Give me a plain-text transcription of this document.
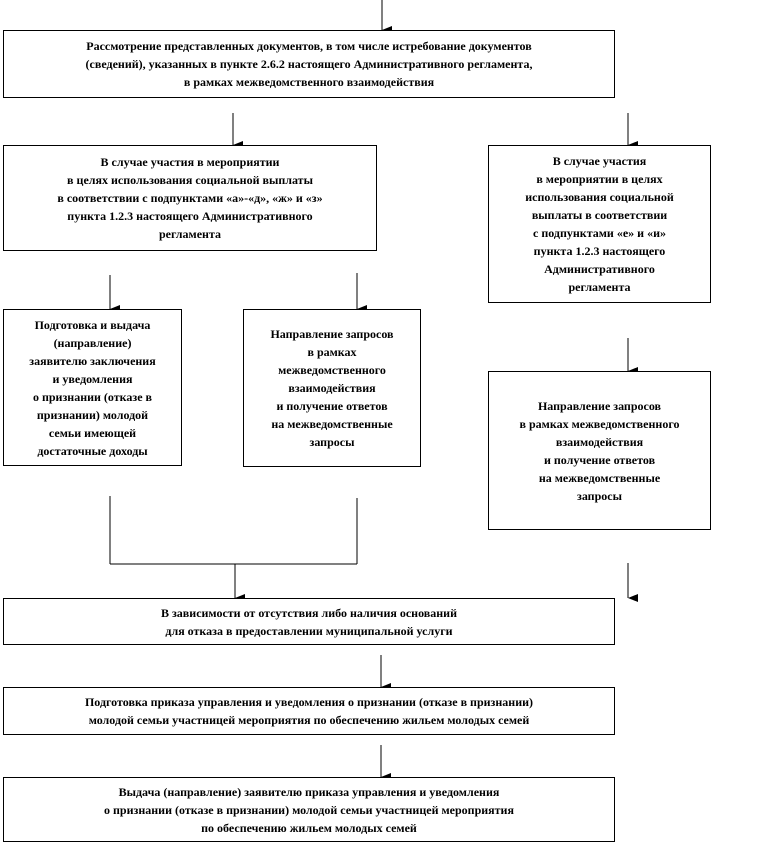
Рассмотрение представленных документов, в том числе истребование документов
(сведений), указанных в пункте 2.6.2 настоящего Административного регламента,
в рамках межведомственного взаимодействия
В случае участия в мероприятии
в целях использования социальной выплаты
в соответствии с подпунктами «а»-«д», «ж» и «з»
пункта 1.2.3 настоящего Административного
регламента
В случае участия
в мероприятии в целях
использования социальной
выплаты в соответствии
с подпунктами «е» и «и»
пункта 1.2.3 настоящего
Административного
регламента
Подготовка и выдача
(направление)
заявителю заключения
и уведомления
о признании (отказе в
признании) молодой
семьи имеющей
достаточные доходы
Направление запросов
в рамках
межведомственного
взаимодействия
и получение ответов
на межведомственные
запросы
Направление запросов
в рамках межведомственного
взаимодействия
и получение ответов
на межведомственные
запросы
В зависимости от отсутствия либо наличия оснований
для отказа в предоставлении муниципальной услуги
Подготовка приказа управления и уведомления о признании (отказе в признании)
молодой семьи участницей мероприятия по обеспечению жильем молодых семей
Выдача (направление) заявителю приказа управления и уведомления
о признании (отказе в признании) молодой семьи участницей мероприятия
по обеспечению жильем молодых семей
